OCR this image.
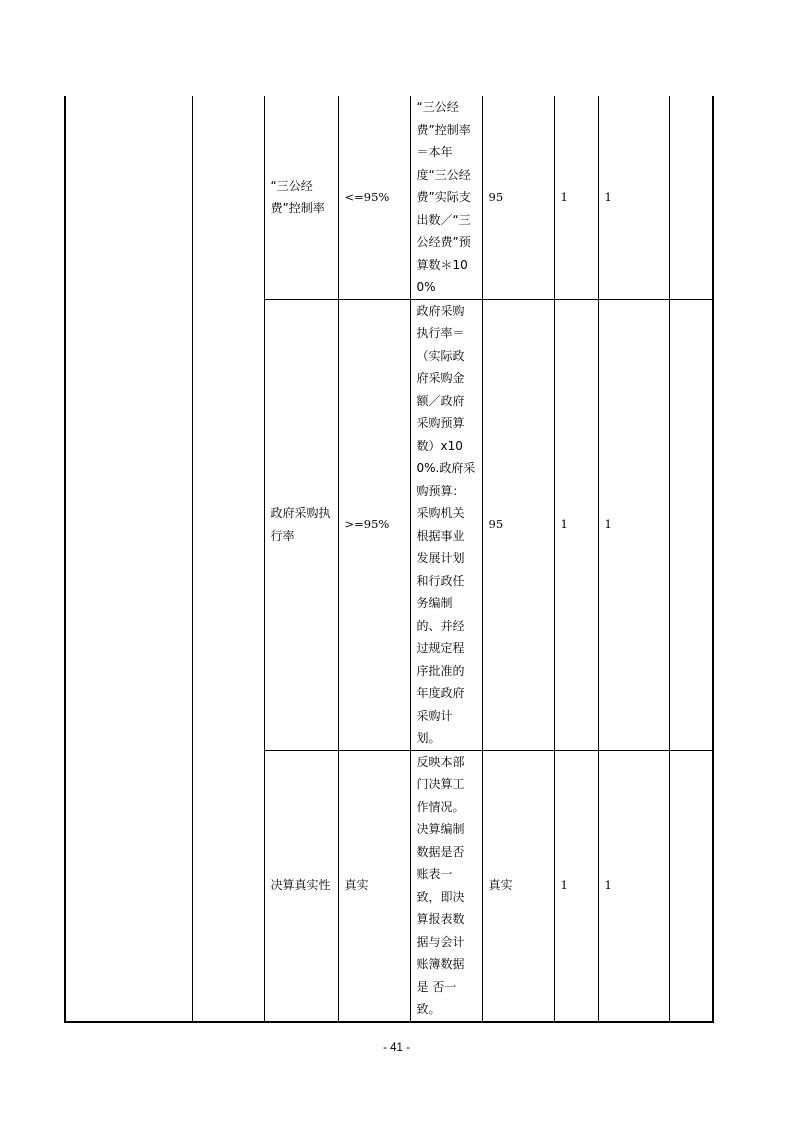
		“三公经费”控制率	<=95%	“三公经费”控制率＝本年度“三公经费”实际支出数／“三公经费”预算数＊100%	95	1	1	
		政府采购执行率	>=95%	政府采购执行率＝（实际政府采购金额／政府采购预算数）x100%.政府采购预算：采购机关根据事业发展计划和行政任务编制的、并经过规定程序批准的年度政府采购计划。	95	1	1	
		决算真实性	真实	反映本部门决算工作情况。决算编制数据是否账表一致，即决算报表数据与会计账簿数据是 否一致。	真实	1	1	
- 41 -
